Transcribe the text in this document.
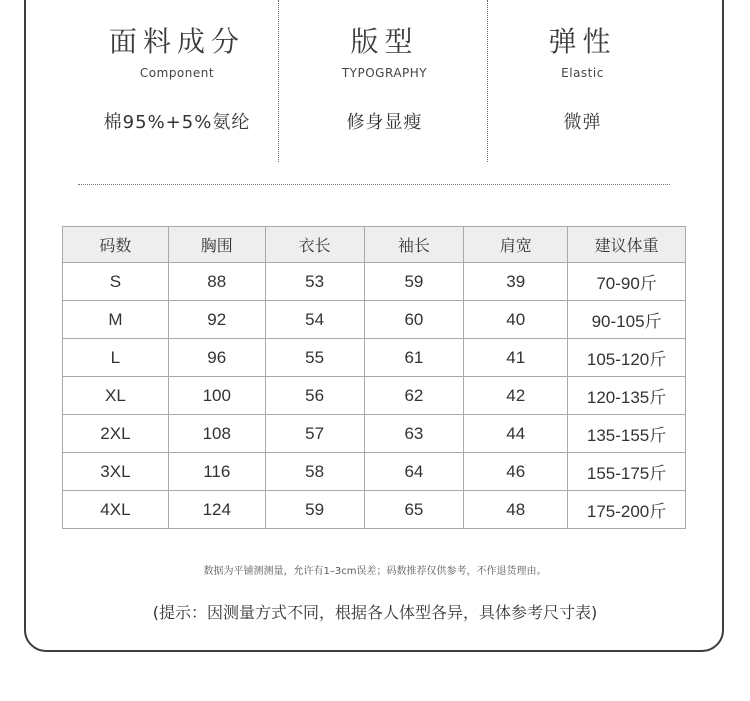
面料成分
Component
棉95%+5%氨纶
版型
TYPOGRAPHY
修身显瘦
弹性
Elastic
微弹
码数	胸围	衣长	袖长	肩宽	建议体重
S	88	53	59	39	70-90斤
M	92	54	60	40	90-105斤
L	96	55	61	41	105-120斤
XL	100	56	62	42	120-135斤
2XL	108	57	63	44	135-155斤
3XL	116	58	64	46	155-175斤
4XL	124	59	65	48	175-200斤
数据为平铺测测量，允许有1–3cm误差；码数推荐仅供参考，不作退货理由。
(提示：因测量方式不同，根据各人体型各异，具体参考尺寸表)
